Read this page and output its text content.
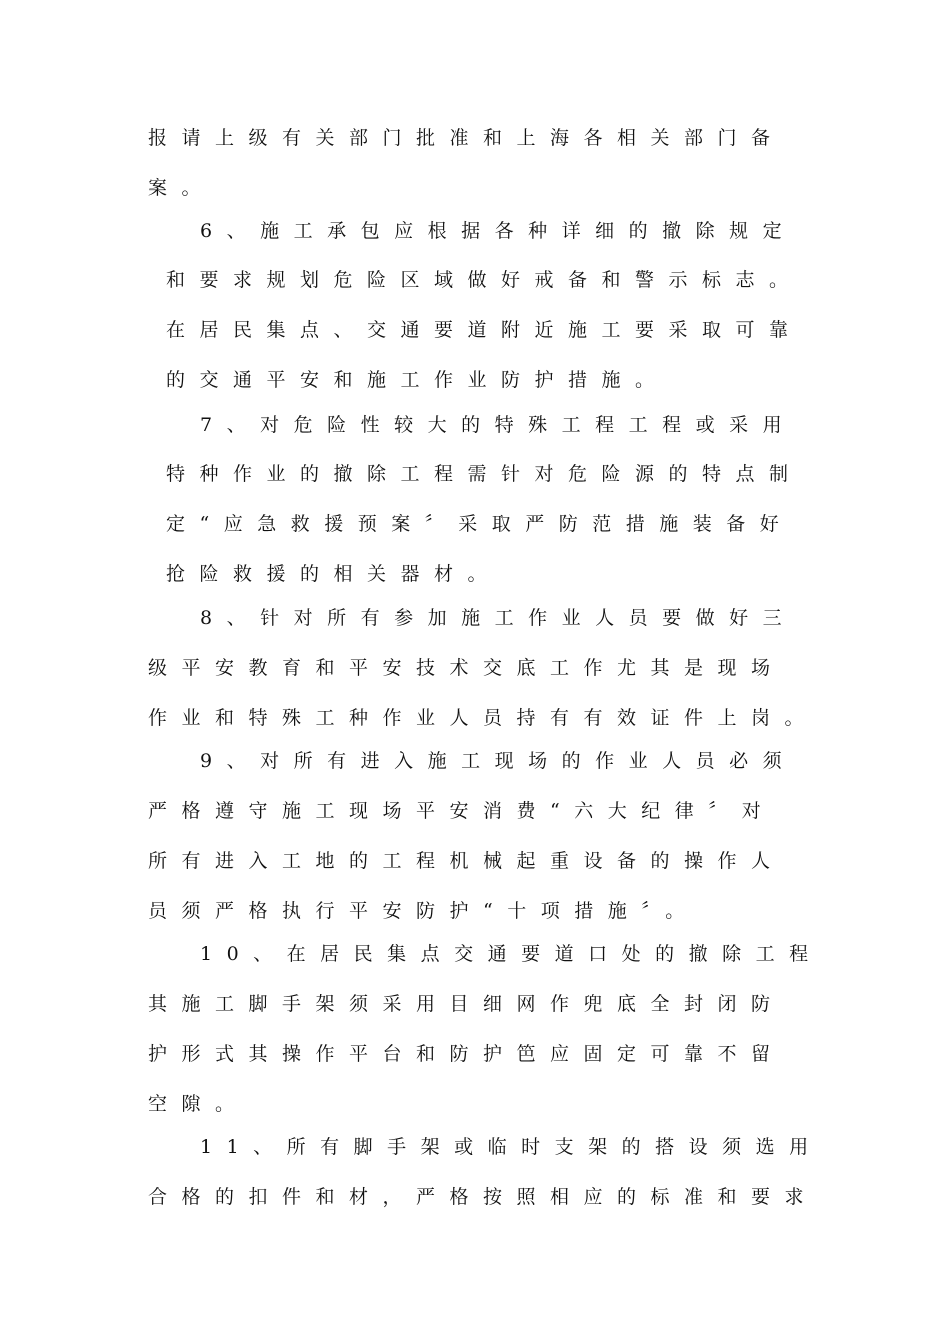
报请上级有关部门批准和上海各相关部门备
案。
6、施工承包应根据各种详细的撤除规定
和要求规划危险区域做好戒备和警示标志。
在居民集点、交通要道附近施工要采取可靠
的交通平安和施工作业防护措施。
7、对危险性较大的特殊工程工程或采用
特种作业的撤除工程需针对危险源的特点制
定“应急救援预案〞采取严防范措施装备好
抢险救援的相关器材。
8、针对所有参加施工作业人员要做好三
级平安教育和平安技术交底工作尤其是现场
作业和特殊工种作业人员持有有效证件上岗。
9、对所有进入施工现场的作业人员必须
严格遵守施工现场平安消费“六大纪律〞对
所有进入工地的工程机械起重设备的操作人
员须严格执行平安防护“十项措施〞。
10、在居民集点交通要道口处的撤除工程
其施工脚手架须采用目细网作兜底全封闭防
护形式其操作平台和防护笆应固定可靠不留
空隙。
11、所有脚手架或临时支架的搭设须选用
合格的扣件和材，严格按照相应的标准和要求
